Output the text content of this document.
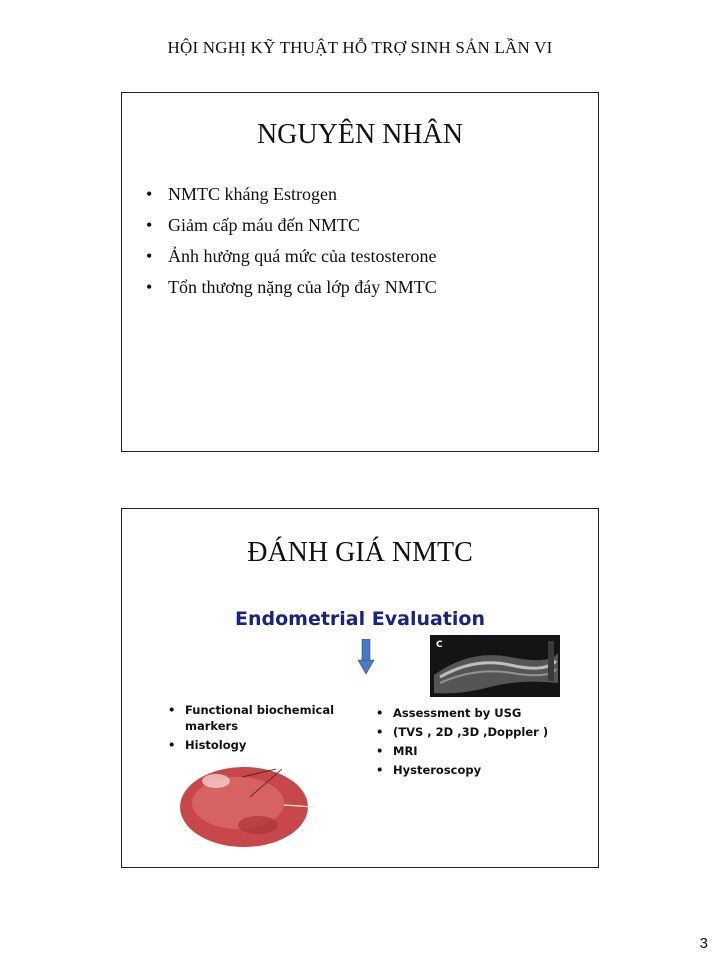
HỘI NGHỊ KỸ THUẬT HỖ TRỢ SINH SẢN LẦN VI
NGUYÊN NHÂN
• NMTC kháng Estrogen
• Giảm cấp máu đến NMTC
• Ảnh hưởng quá mức của testosterone
• Tổn thương nặng của lớp đáy NMTC
ĐÁNH GIÁ NMTC
Endometrial Evaluation
C
• Functional biochemical markers
• Histology
• Assessment by USG
• (TVS , 2D ,3D ,Doppler )
• MRI
• Hysteroscopy
3
